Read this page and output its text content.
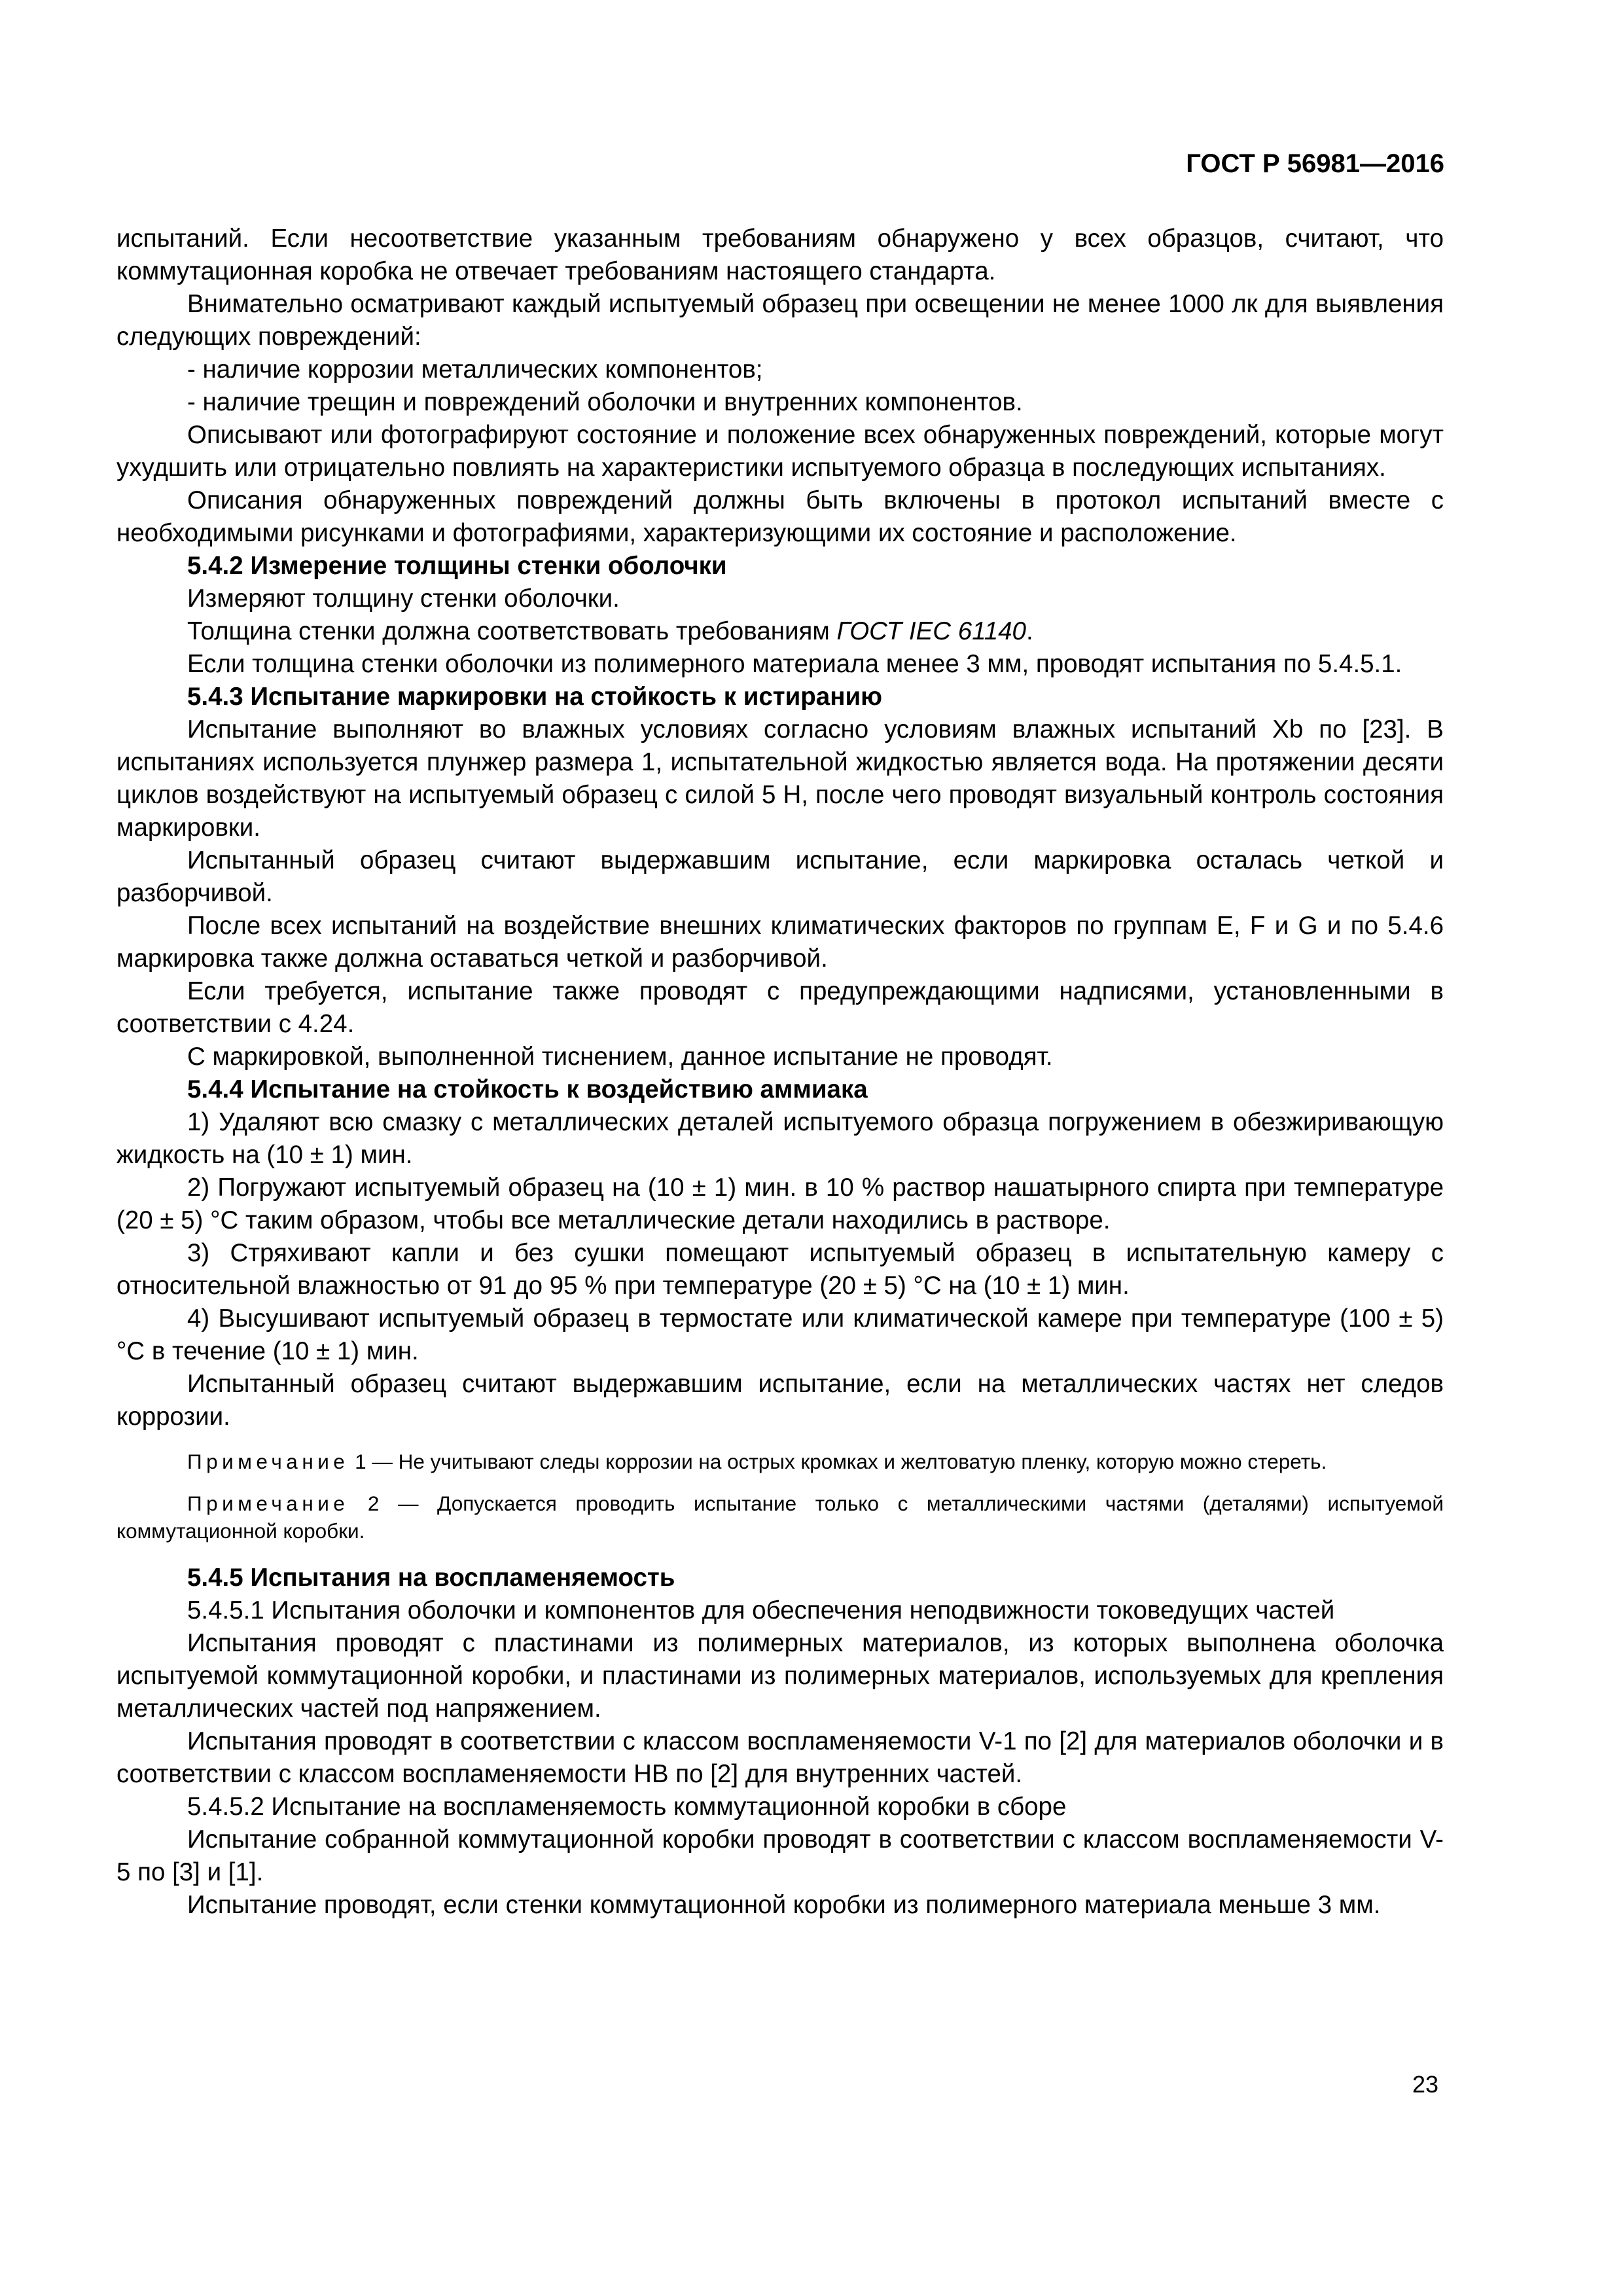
ГОСТ Р 56981—2016

испытаний. Если несоответствие указанным требованиям обнаружено у всех образцов, считают, что коммутационная коробка не отвечает требованиям настоящего стандарта.

Внимательно осматривают каждый испытуемый образец при освещении не менее 1000 лк для выявления следующих повреждений:

- наличие коррозии металлических компонентов;

- наличие трещин и повреждений оболочки и внутренних компонентов.

Описывают или фотографируют состояние и положение всех обнаруженных повреждений, которые могут ухудшить или отрицательно повлиять на характеристики испытуемого образца в последующих испытаниях.

Описания обнаруженных повреждений должны быть включены в протокол испытаний вместе с необходимыми рисунками и фотографиями, характеризующими их состояние и расположение.

5.4.2 Измерение толщины стенки оболочки

Измеряют толщину стенки оболочки.

Толщина стенки должна соответствовать требованиям ГОСТ IEC 61140.

Если толщина стенки оболочки из полимерного материала менее 3 мм, проводят испытания по 5.4.5.1.

5.4.3 Испытание маркировки на стойкость к истиранию

Испытание выполняют во влажных условиях согласно условиям влажных испытаний Xb по [23]. В испытаниях используется плунжер размера 1, испытательной жидкостью является вода. На протяжении десяти циклов воздействуют на испытуемый образец с силой 5 Н, после чего проводят визуальный контроль состояния маркировки.

Испытанный образец считают выдержавшим испытание, если маркировка осталась четкой и разборчивой.

После всех испытаний на воздействие внешних климатических факторов по группам E, F и G и по 5.4.6 маркировка также должна оставаться четкой и разборчивой.

Если требуется, испытание также проводят с предупреждающими надписями, установленными в соответствии с 4.24.

С маркировкой, выполненной тиснением, данное испытание не проводят.

5.4.4 Испытание на стойкость к воздействию аммиака

1) Удаляют всю смазку с металлических деталей испытуемого образца погружением в обезжиривающую жидкость на (10 ± 1) мин.

2) Погружают испытуемый образец на (10 ± 1) мин. в 10 % раствор нашатырного спирта при температуре (20 ± 5) °С таким образом, чтобы все металлические детали находились в растворе.

3) Стряхивают капли и без сушки помещают испытуемый образец в испытательную камеру с относительной влажностью от 91 до 95 % при температуре (20 ± 5) °С на (10 ± 1) мин.

4) Высушивают испытуемый образец в термостате или климатической камере при температуре (100 ± 5) °С в течение (10 ± 1) мин.

Испытанный образец считают выдержавшим испытание, если на металлических частях нет следов коррозии.

Примечание 1 — Не учитывают следы коррозии на острых кромках и желтоватую пленку, которую можно стереть.

Примечание 2 — Допускается проводить испытание только с металлическими частями (деталями) испытуемой коммутационной коробки.

5.4.5 Испытания на воспламеняемость

5.4.5.1 Испытания оболочки и компонентов для обеспечения неподвижности токоведущих частей

Испытания проводят с пластинами из полимерных материалов, из которых выполнена оболочка испытуемой коммутационной коробки, и пластинами из полимерных материалов, используемых для крепления металлических частей под напряжением.

Испытания проводят в соответствии с классом воспламеняемости V-1 по [2] для материалов оболочки и в соответствии с классом воспламеняемости НВ по [2] для внутренних частей.

5.4.5.2 Испытание на воспламеняемость коммутационной коробки в сборе

Испытание собранной коммутационной коробки проводят в соответствии с классом воспламеняемости V-5 по [3] и [1].

Испытание проводят, если стенки коммутационной коробки из полимерного материала меньше 3 мм.

23
